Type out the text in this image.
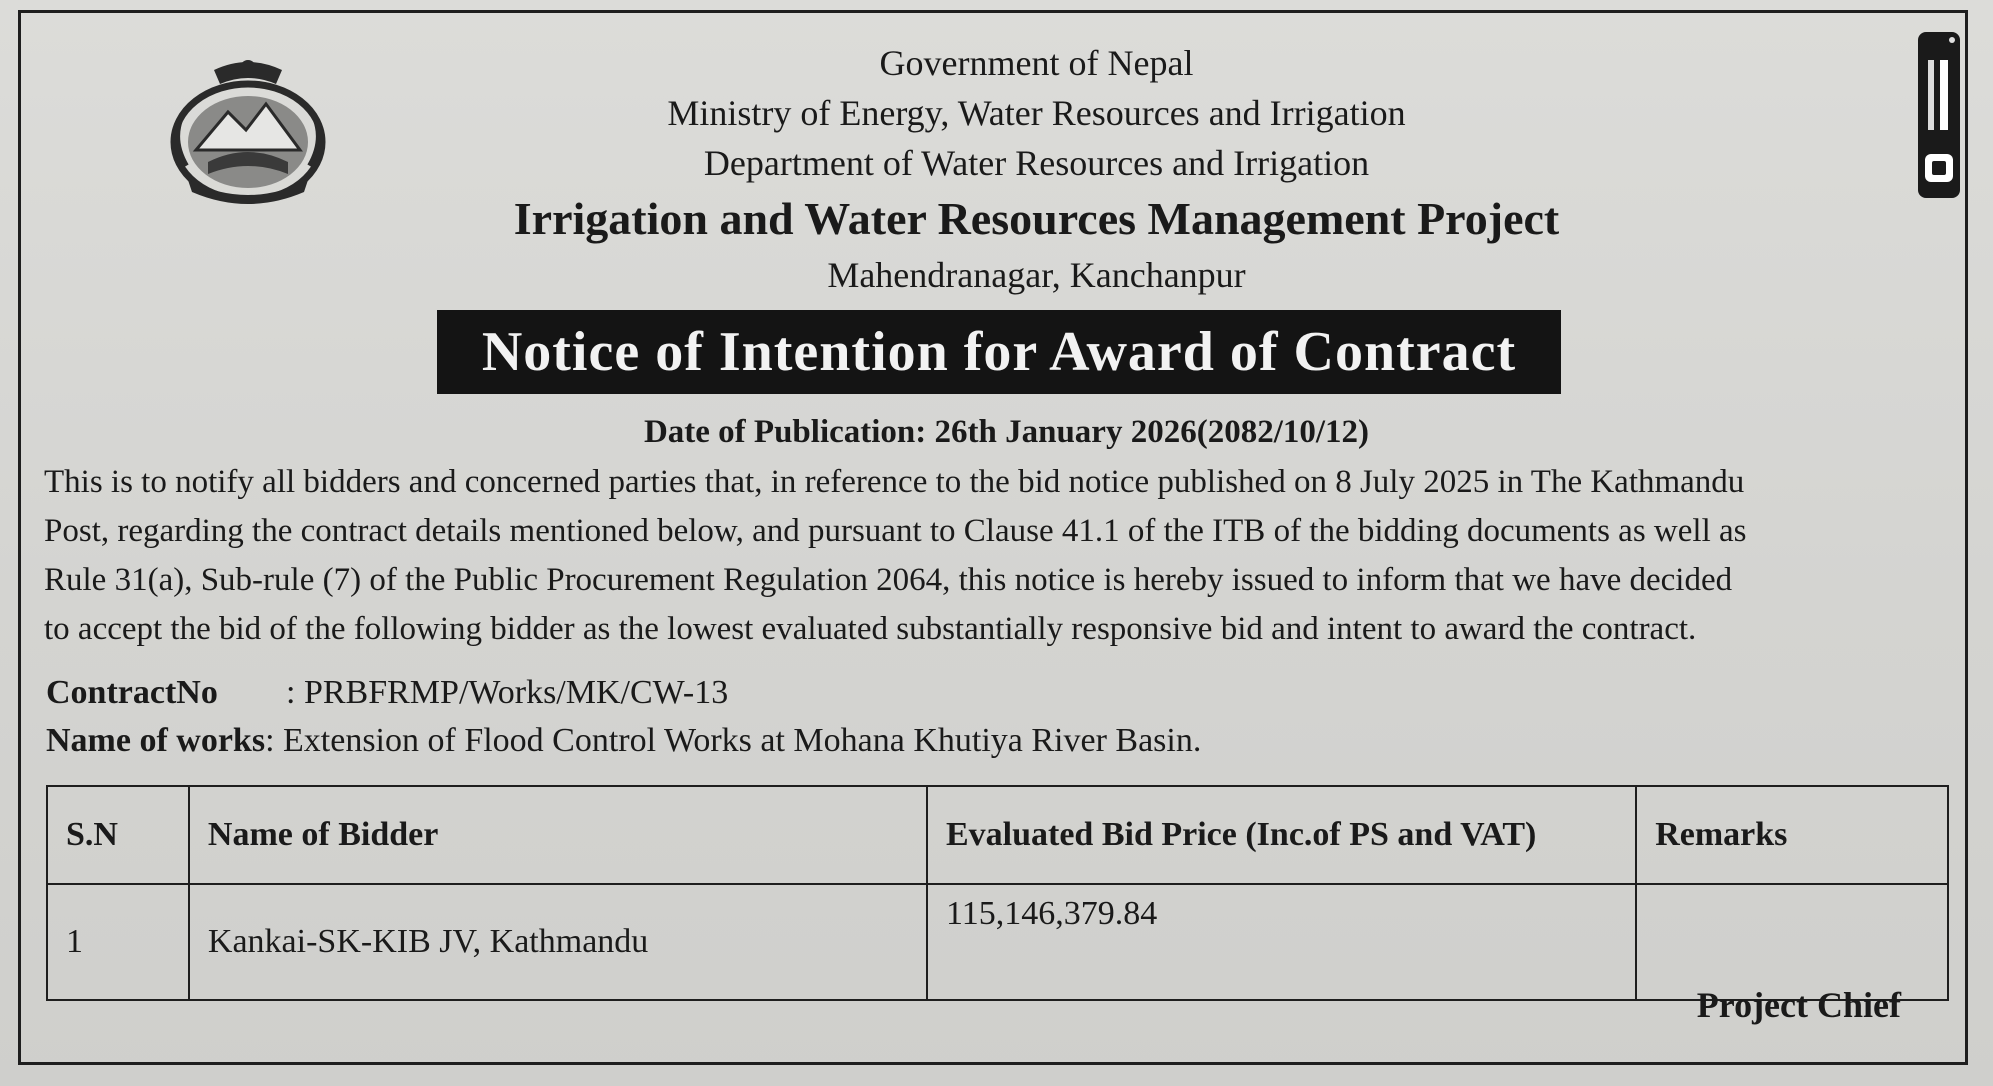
Government of Nepal
Ministry of Energy, Water Resources and Irrigation
Department of Water Resources and Irrigation
Irrigation and Water Resources Management Project
Mahendranagar, Kanchanpur
Notice of Intention for Award of Contract
Date of Publication: 26th January 2026(2082/10/12)
This is to notify all bidders and concerned parties that, in reference to the bid notice published on 8 July 2025 in The Kathmandu
Post, regarding the contract details mentioned below, and pursuant to Clause 41.1 of the ITB of the bidding documents as well as
Rule 31(a), Sub-rule (7) of the Public Procurement Regulation 2064, this notice is hereby issued to inform that we have decided
to accept the bid of the following bidder as the lowest evaluated substantially responsive bid and intent to award the contract.
ContractNo : PRBFRMP/Works/MK/CW-13
Name of works: Extension of Flood Control Works at Mohana Khutiya River Basin.
S.N	Name of Bidder	Evaluated Bid Price (Inc.of PS and VAT)	Remarks
1	Kankai-SK-KIB JV, Kathmandu	115,146,379.84	
Project Chief
